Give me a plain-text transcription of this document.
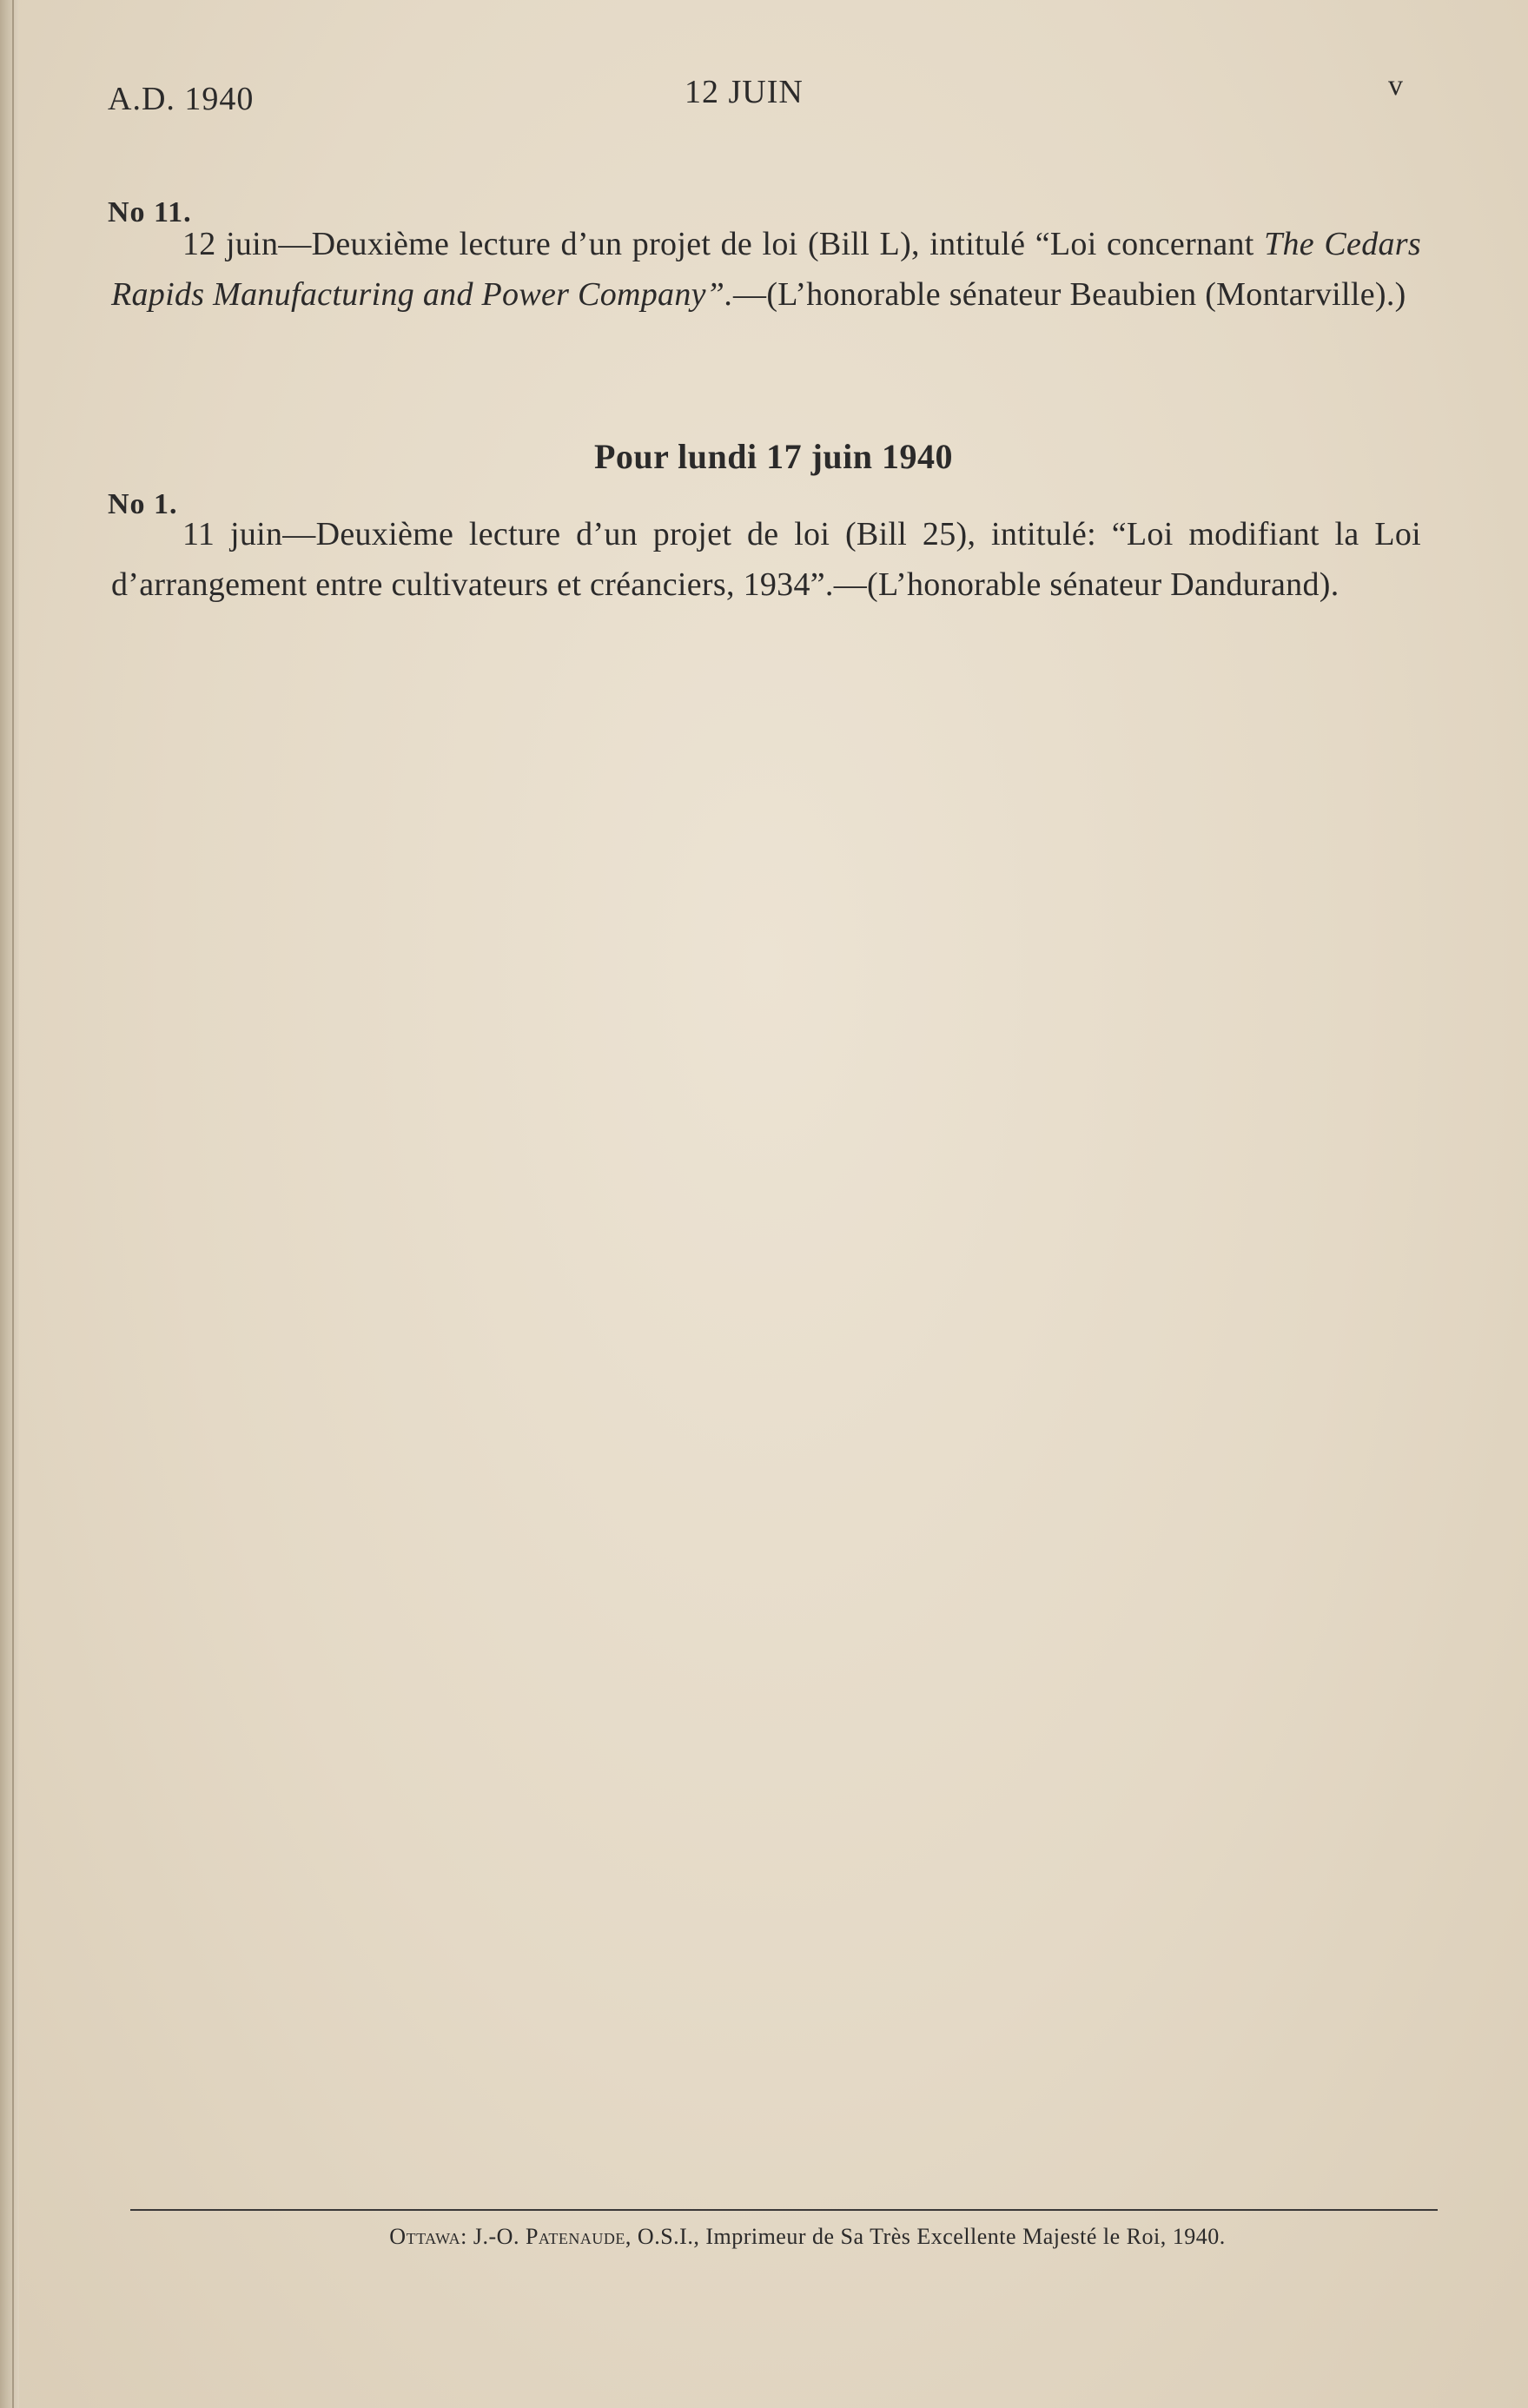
A.D. 1940	12 JUIN	v
No 11.
12 juin—Deuxième lecture d’un projet de loi (Bill L), intitulé “Loi concernant The Cedars Rapids Manufacturing and Power Company”.—(L’honorable sénateur Beaubien (Montarville).)
Pour lundi 17 juin 1940
No 1.
11 juin—Deuxième lecture d’un projet de loi (Bill 25), intitulé: “Loi modifiant la Loi d’arrangement entre cultivateurs et créanciers, 1934”.—(L’honorable sénateur Dandurand).
Ottawa: J.-O. Patenaude, O.S.I., Imprimeur de Sa Très Excellente Majesté le Roi, 1940.
